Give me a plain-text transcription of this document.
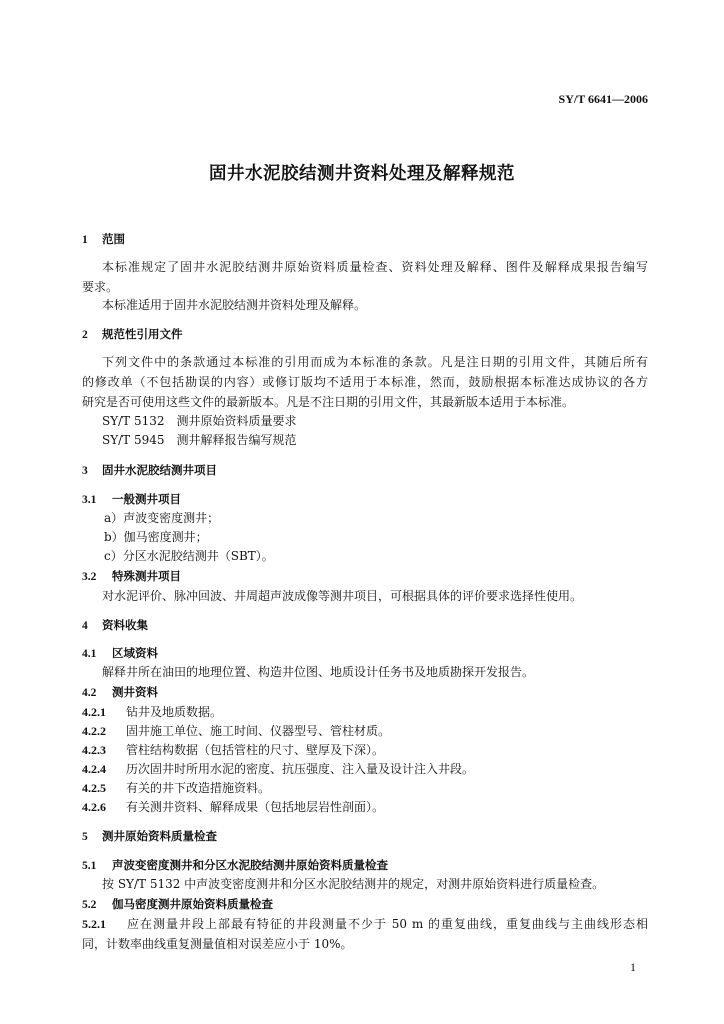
SY/T 6641—2006
固井水泥胶结测井资料处理及解释规范
1 范围
本标准规定了固井水泥胶结测井原始资料质量检查、资料处理及解释、图件及解释成果报告编写
要求。
本标准适用于固井水泥胶结测井资料处理及解释。
2 规范性引用文件
下列文件中的条款通过本标准的引用而成为本标准的条款。凡是注日期的引用文件，其随后所有
的修改单（不包括勘误的内容）或修订版均不适用于本标准，然而，鼓励根据本标准达成协议的各方
研究是否可使用这些文件的最新版本。凡是不注日期的引用文件，其最新版本适用于本标准。
SY/T 5132　测井原始资料质量要求
SY/T 5945　测井解释报告编写规范
3 固井水泥胶结测井项目
3.1 一般测井项目
a）声波变密度测井；
b）伽马密度测井；
c）分区水泥胶结测井（SBT）。
3.2 特殊测井项目
对水泥评价、脉冲回波、井周超声波成像等测井项目，可根据具体的评价要求选择性使用。
4 资料收集
4.1 区域资料
解释井所在油田的地理位置、构造井位图、地质设计任务书及地质勘探开发报告。
4.2 测井资料
4.2.1 钻井及地质数据。
4.2.2 固井施工单位、施工时间、仪器型号、管柱材质。
4.2.3 管柱结构数据（包括管柱的尺寸、壁厚及下深）。
4.2.4 历次固井时所用水泥的密度、抗压强度、注入量及设计注入井段。
4.2.5 有关的井下改造措施资料。
4.2.6 有关测井资料、解释成果（包括地层岩性剖面）。
5 测井原始资料质量检查
5.1 声波变密度测井和分区水泥胶结测井原始资料质量检查
按 SY/T 5132 中声波变密度测井和分区水泥胶结测井的规定，对测井原始资料进行质量检查。
5.2 伽马密度测井原始资料质量检查
5.2.1 应在测量井段上部最有特征的井段测量不少于 50 m 的重复曲线，重复曲线与主曲线形态相
同，计数率曲线重复测量值相对误差应小于 10%。
1
